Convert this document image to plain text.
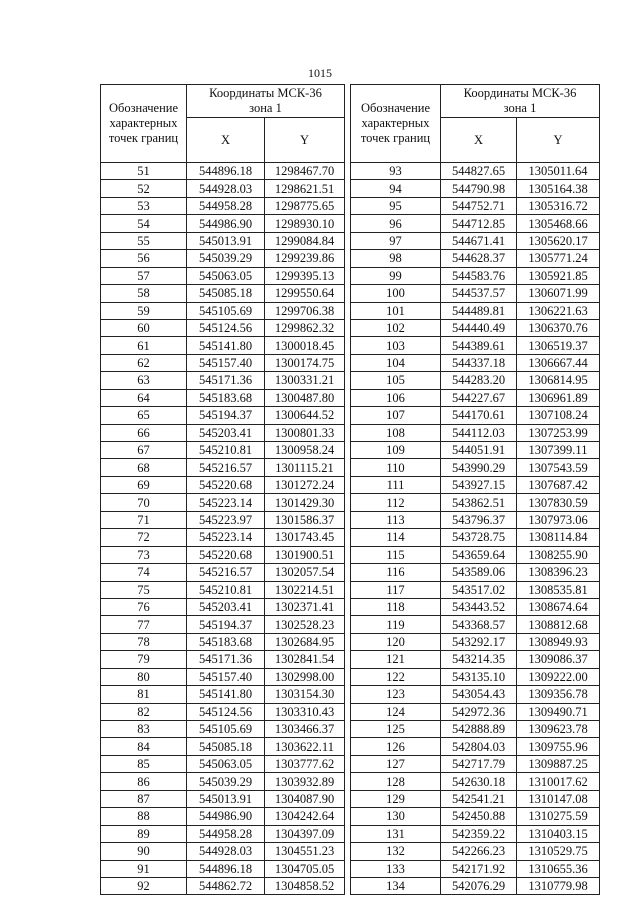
1015
Обозначение характерных точек границ	Координаты МСК-36
зона 1	
	X	Y
51	544896.18	1298467.70
52	544928.03	1298621.51
53	544958.28	1298775.65
54	544986.90	1298930.10
55	545013.91	1299084.84
56	545039.29	1299239.86
57	545063.05	1299395.13
58	545085.18	1299550.64
59	545105.69	1299706.38
60	545124.56	1299862.32
61	545141.80	1300018.45
62	545157.40	1300174.75
63	545171.36	1300331.21
64	545183.68	1300487.80
65	545194.37	1300644.52
66	545203.41	1300801.33
67	545210.81	1300958.24
68	545216.57	1301115.21
69	545220.68	1301272.24
70	545223.14	1301429.30
71	545223.97	1301586.37
72	545223.14	1301743.45
73	545220.68	1301900.51
74	545216.57	1302057.54
75	545210.81	1302214.51
76	545203.41	1302371.41
77	545194.37	1302528.23
78	545183.68	1302684.95
79	545171.36	1302841.54
80	545157.40	1302998.00
81	545141.80	1303154.30
82	545124.56	1303310.43
83	545105.69	1303466.37
84	545085.18	1303622.11
85	545063.05	1303777.62
86	545039.29	1303932.89
87	545013.91	1304087.90
88	544986.90	1304242.64
89	544958.28	1304397.09
90	544928.03	1304551.23
91	544896.18	1304705.05
92	544862.72	1304858.52
Обозначение характерных точек границ	Координаты МСК-36
зона 1	
	X	Y
93	544827.65	1305011.64
94	544790.98	1305164.38
95	544752.71	1305316.72
96	544712.85	1305468.66
97	544671.41	1305620.17
98	544628.37	1305771.24
99	544583.76	1305921.85
100	544537.57	1306071.99
101	544489.81	1306221.63
102	544440.49	1306370.76
103	544389.61	1306519.37
104	544337.18	1306667.44
105	544283.20	1306814.95
106	544227.67	1306961.89
107	544170.61	1307108.24
108	544112.03	1307253.99
109	544051.91	1307399.11
110	543990.29	1307543.59
111	543927.15	1307687.42
112	543862.51	1307830.59
113	543796.37	1307973.06
114	543728.75	1308114.84
115	543659.64	1308255.90
116	543589.06	1308396.23
117	543517.02	1308535.81
118	543443.52	1308674.64
119	543368.57	1308812.68
120	543292.17	1308949.93
121	543214.35	1309086.37
122	543135.10	1309222.00
123	543054.43	1309356.78
124	542972.36	1309490.71
125	542888.89	1309623.78
126	542804.03	1309755.96
127	542717.79	1309887.25
128	542630.18	1310017.62
129	542541.21	1310147.08
130	542450.88	1310275.59
131	542359.22	1310403.15
132	542266.23	1310529.75
133	542171.92	1310655.36
134	542076.29	1310779.98
